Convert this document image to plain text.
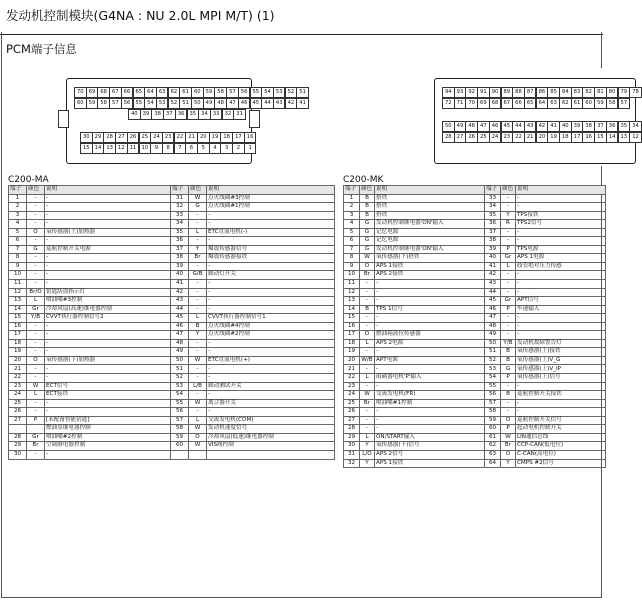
发动机控制模块(G4NA : NU 2.0L MPI M/T) (1)
PCM端子信息
70 69 68 67 66 65 64 63 62 61 60 59 58 57 56 55 54 53 52 51
60 59 58 57 56 55 54 53 52 51 50 49 48 47 46 45 44 43 42 41
40 39 38 37 36 35 34 33 32 31
30 29 28 27 26 25 24 23 22 21 20 19 18 17 16
15 14 13 12 11 10	9	8	7	6	5	4	3	2	1
94 93 92 91 90 89 88 87 86 85 84 83 82 81 80 79 78
72 71 70 69 68 67 66 65 64 63 62 61 60 59 58 57
50 49 48 47 46 45 44 43 42 41 40 39 38 37 36 35 34
28 27 26 25 24 23 22 21 20 19 18 17 16 15 14 13 12
C200-MA	C200-MK
端子	颜色	说明	端子	颜色	说明
1	-	-	31	W	点火线圈#3控制
2	-	-	32	G	点火线圈#1控制
3	-	-	33	-	-
4	-	-	34	-	-
5	O	氧传感器(上)加热器	35	L	ETC直流电机(-)
6	-	-	36	-	-
7	G	巡航控制开关电源	37	Y	爆震传感器信号
8	-	-	38	Br	爆震传感器接铁
9	-	-	39	-	-
10	-	-	40	G/B	制动灯开关
11	-	-	41	-	-
12	Br/O	钥匙防盗指示灯	42	-	-
13	L	喷油嘴#3控制	43	-	-
14	Gr	冷却风扇(高速)继电器控制	44	-	-
15	Y/B	CVVT执行器控制信号2	45	L	CVVT执行器控制信号1
16	-	-	46	B	点火线圈#4控制
17	-	-	47	Y	点火线圈#2控制
18	-	-	48	-	-
19	-	-	49	-	-
20	O	氧传感器(下)加热器	50	W	ETC直流电机(+)
21	-	-	51	-	-
22	-	-	52	-	-
23	W	ECT信号	53	L/B	制动测试开关
24	L	ECT接铁	54	-	-
25	-	-	55	W	离合器开关
26	-	-	56	-	-
27	P	[未配备智能钥匙]	57	L	交流发电机(COM)
		燃油泵继电器控制	58	W	发动机速度信号
28	Gr	喷油嘴#2控制	59	O	冷却风扇(低速)继电器控制
29	Br	空调继电器控制	60	W	VIS阀控制
30	-	-			
端子	颜色	说明	端子	颜色	说明
1	B	搭铁	33	-	-
2	B	搭铁	34	-	-
3	B	搭铁	35	Y	TPS接铁
4	G	发动机控制继电器'ON'输入	36	R	TPS2信号
5	G	记忆电源	37	-	-
6	G	记忆电源	38	-	-
7	G	发动机控制继电器'ON'输入	39	P	TPS电源
8	W	氧传感器(下)搭铁	40	Gr	APS 1电源
9	O	APS 1接铁	41	L	歧管绝对压力传感
10	Br	APS 2接铁	42	-	-
11	-	-	43	-	-
12	-	-	44	-	-
13	-	-	45	Gr	APT信号
14	B	TPS 1信号	46	P	车速输入
15	-	-	47	-	-
16	-	-	48	-	-
17	O	燃油箱液位传感器	49	-	-
18	L	APS 2电源	50	Y/B	发动机故障警告灯
19	-	-	51	B	氧传感器(上)接铁
20	W/B	APT电源	52	B	氧传感器(上)V_G
21	-	-	53	G	氧传感器(上)V_IP
22	L	雨刷器电机'P'输入	54	P	氧传感器(上)信号
23	-	-	55	-	-
24	W	交流发电机(FR)	56	B	巡航控制开关接铁
25	Br	喷油嘴#1控制	57	-	-
26	-	-	58	-	-
27	-	-	59	O	巡航控制开关信号
28	-	-	60	P	起动电机控制开关
29	L	ON/START输入	61	W	LIN通信总线
30	Y	氧传感器(下)信号	62	Br	CCP-CAN(低电位)
31	L/O	APS 2信号	63	O	C-CAN(高电位)
32	Y	APS 1接铁	64	Y	CMPS #2信号
